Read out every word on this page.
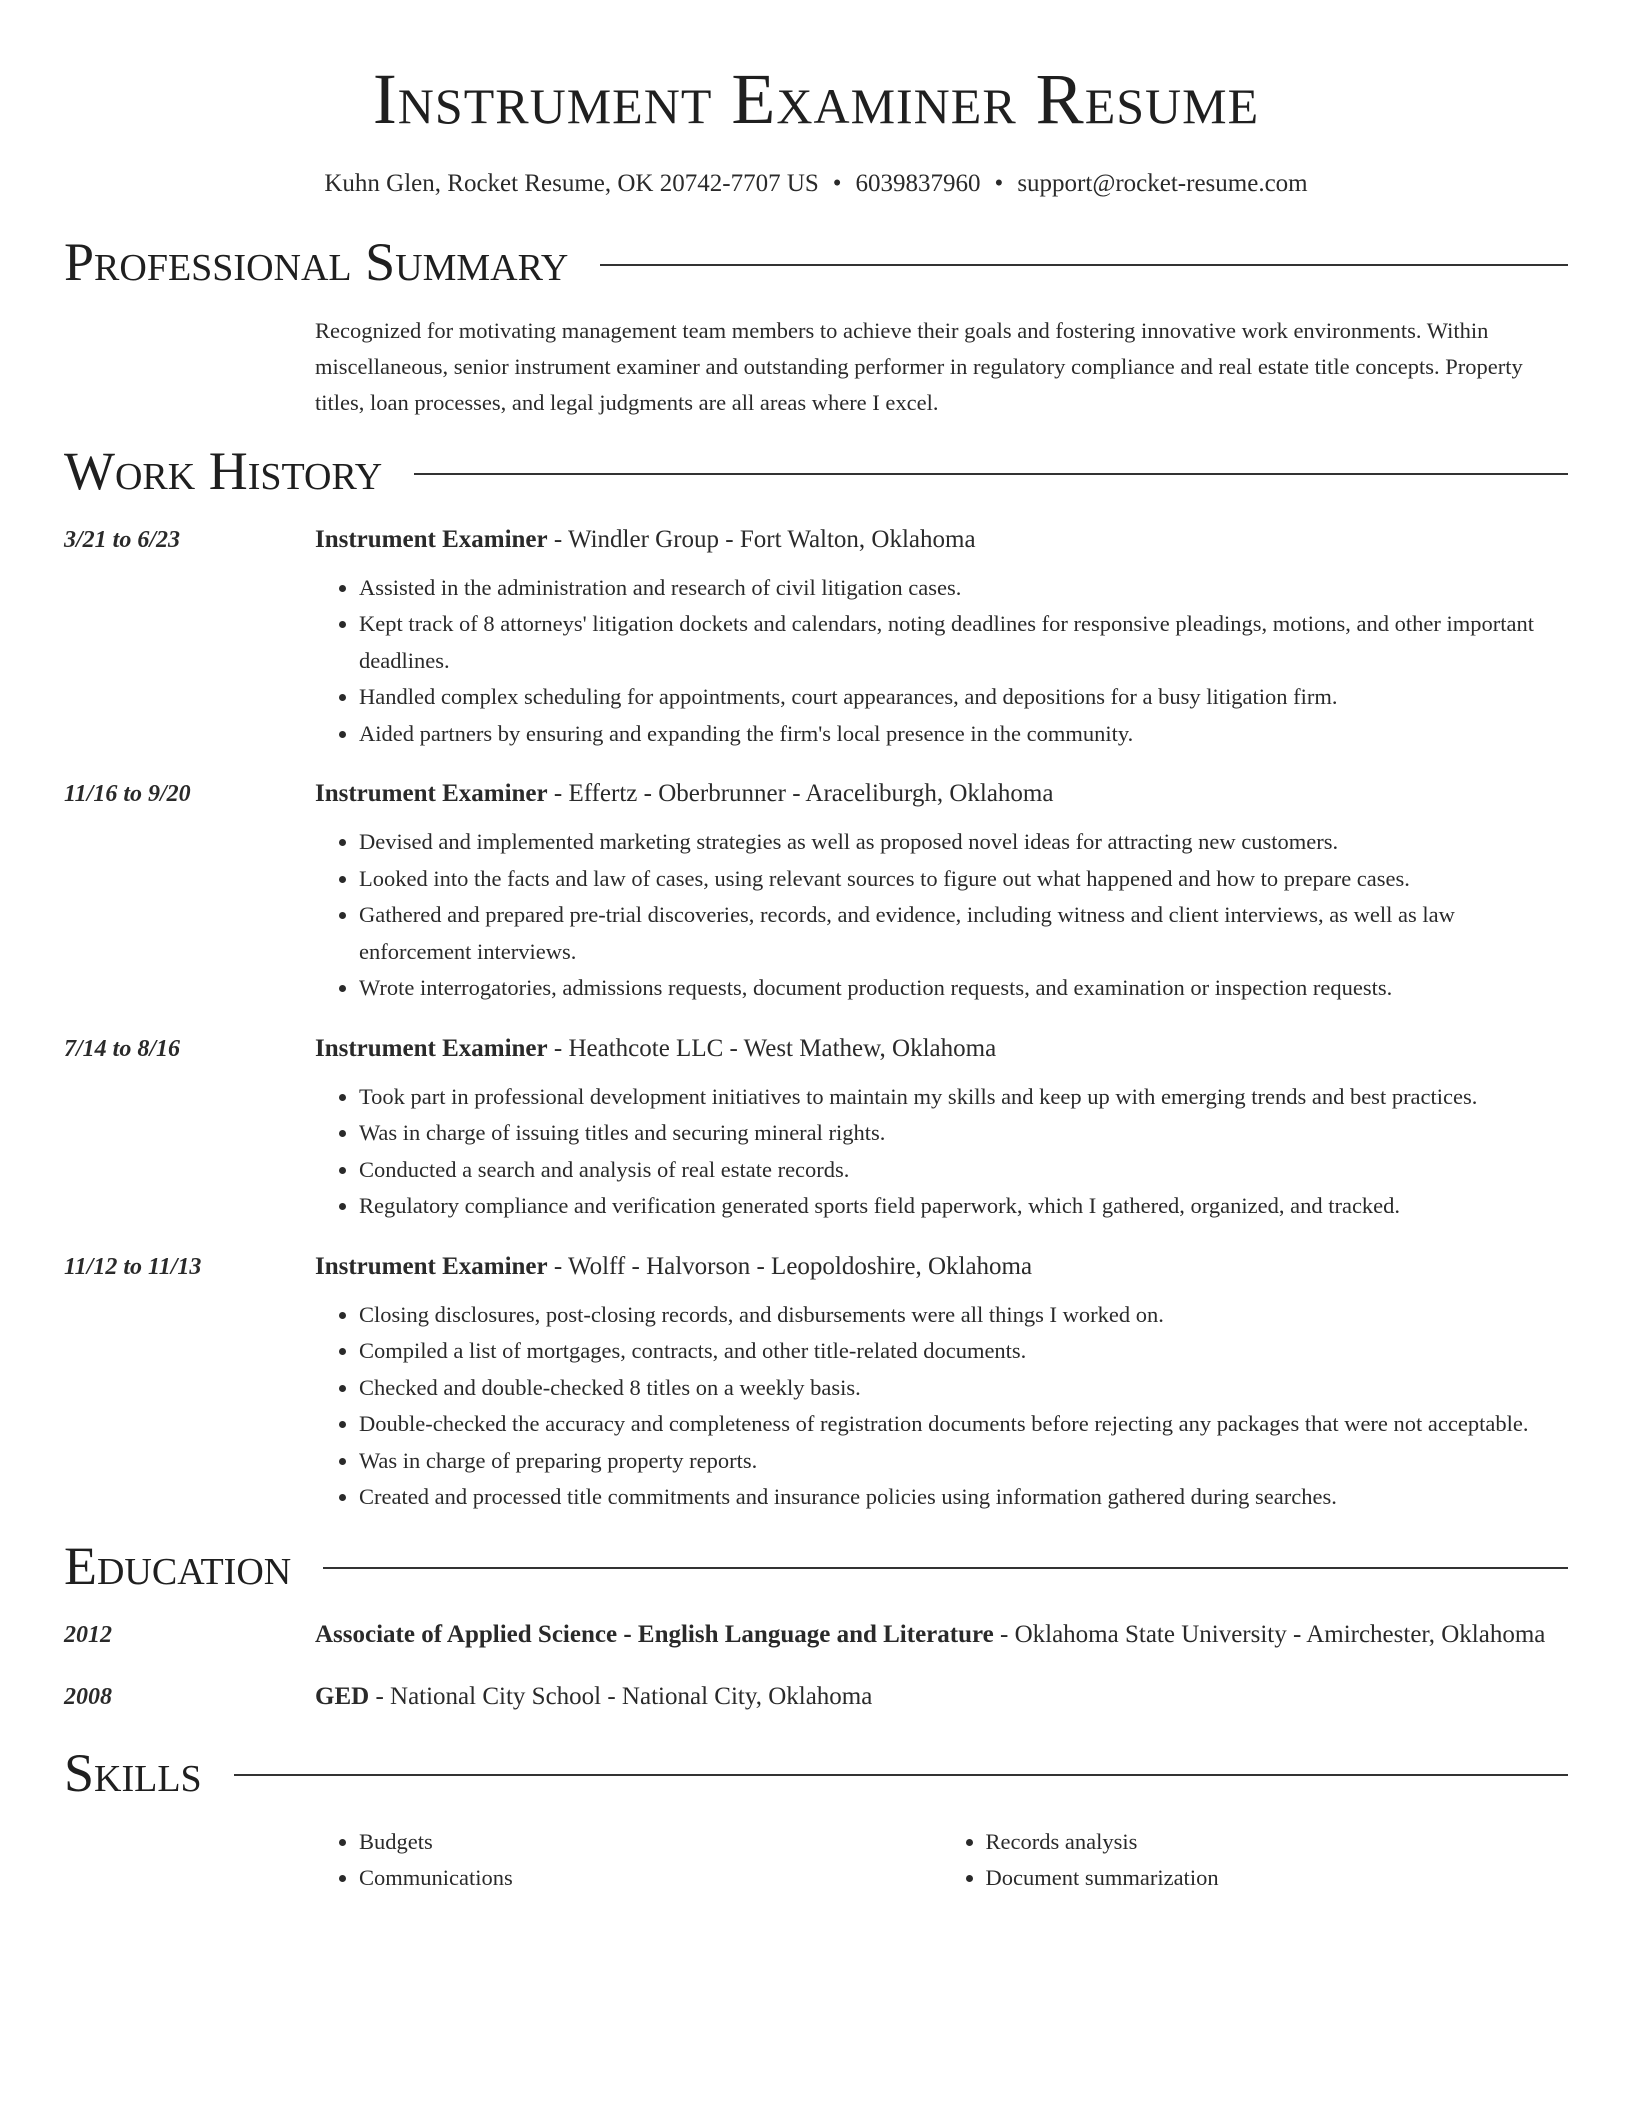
Instrument Examiner Resume
Kuhn Glen, Rocket Resume, OK 20742-7707 US • 6039837960 • support@rocket-resume.com
Professional Summary
Recognized for motivating management team members to achieve their goals and fostering innovative work environments. Within miscellaneous, senior instrument examiner and outstanding performer in regulatory compliance and real estate title concepts. Property titles, loan processes, and legal judgments are all areas where I excel.
Work History
3/21 to 6/23	Instrument Examiner - Windler Group - Fort Walton, Oklahoma
• Assisted in the administration and research of civil litigation cases.
• Kept track of 8 attorneys' litigation dockets and calendars, noting deadlines for responsive pleadings, motions, and other important deadlines.
• Handled complex scheduling for appointments, court appearances, and depositions for a busy litigation firm.
• Aided partners by ensuring and expanding the firm's local presence in the community.
11/16 to 9/20	Instrument Examiner - Effertz - Oberbrunner - Araceliburgh, Oklahoma
• Devised and implemented marketing strategies as well as proposed novel ideas for attracting new customers.
• Looked into the facts and law of cases, using relevant sources to figure out what happened and how to prepare cases.
• Gathered and prepared pre-trial discoveries, records, and evidence, including witness and client interviews, as well as law enforcement interviews.
• Wrote interrogatories, admissions requests, document production requests, and examination or inspection requests.
7/14 to 8/16	Instrument Examiner - Heathcote LLC - West Mathew, Oklahoma
• Took part in professional development initiatives to maintain my skills and keep up with emerging trends and best practices.
• Was in charge of issuing titles and securing mineral rights.
• Conducted a search and analysis of real estate records.
• Regulatory compliance and verification generated sports field paperwork, which I gathered, organized, and tracked.
11/12 to 11/13	Instrument Examiner - Wolff - Halvorson - Leopoldoshire, Oklahoma
• Closing disclosures, post-closing records, and disbursements were all things I worked on.
• Compiled a list of mortgages, contracts, and other title-related documents.
• Checked and double-checked 8 titles on a weekly basis.
• Double-checked the accuracy and completeness of registration documents before rejecting any packages that were not acceptable.
• Was in charge of preparing property reports.
• Created and processed title commitments and insurance policies using information gathered during searches.
Education
2012	Associate of Applied Science - English Language and Literature - Oklahoma State University - Amirchester, Oklahoma
2008	GED - National City School - National City, Oklahoma
Skills
• Budgets
• Communications
• Records analysis
• Document summarization
